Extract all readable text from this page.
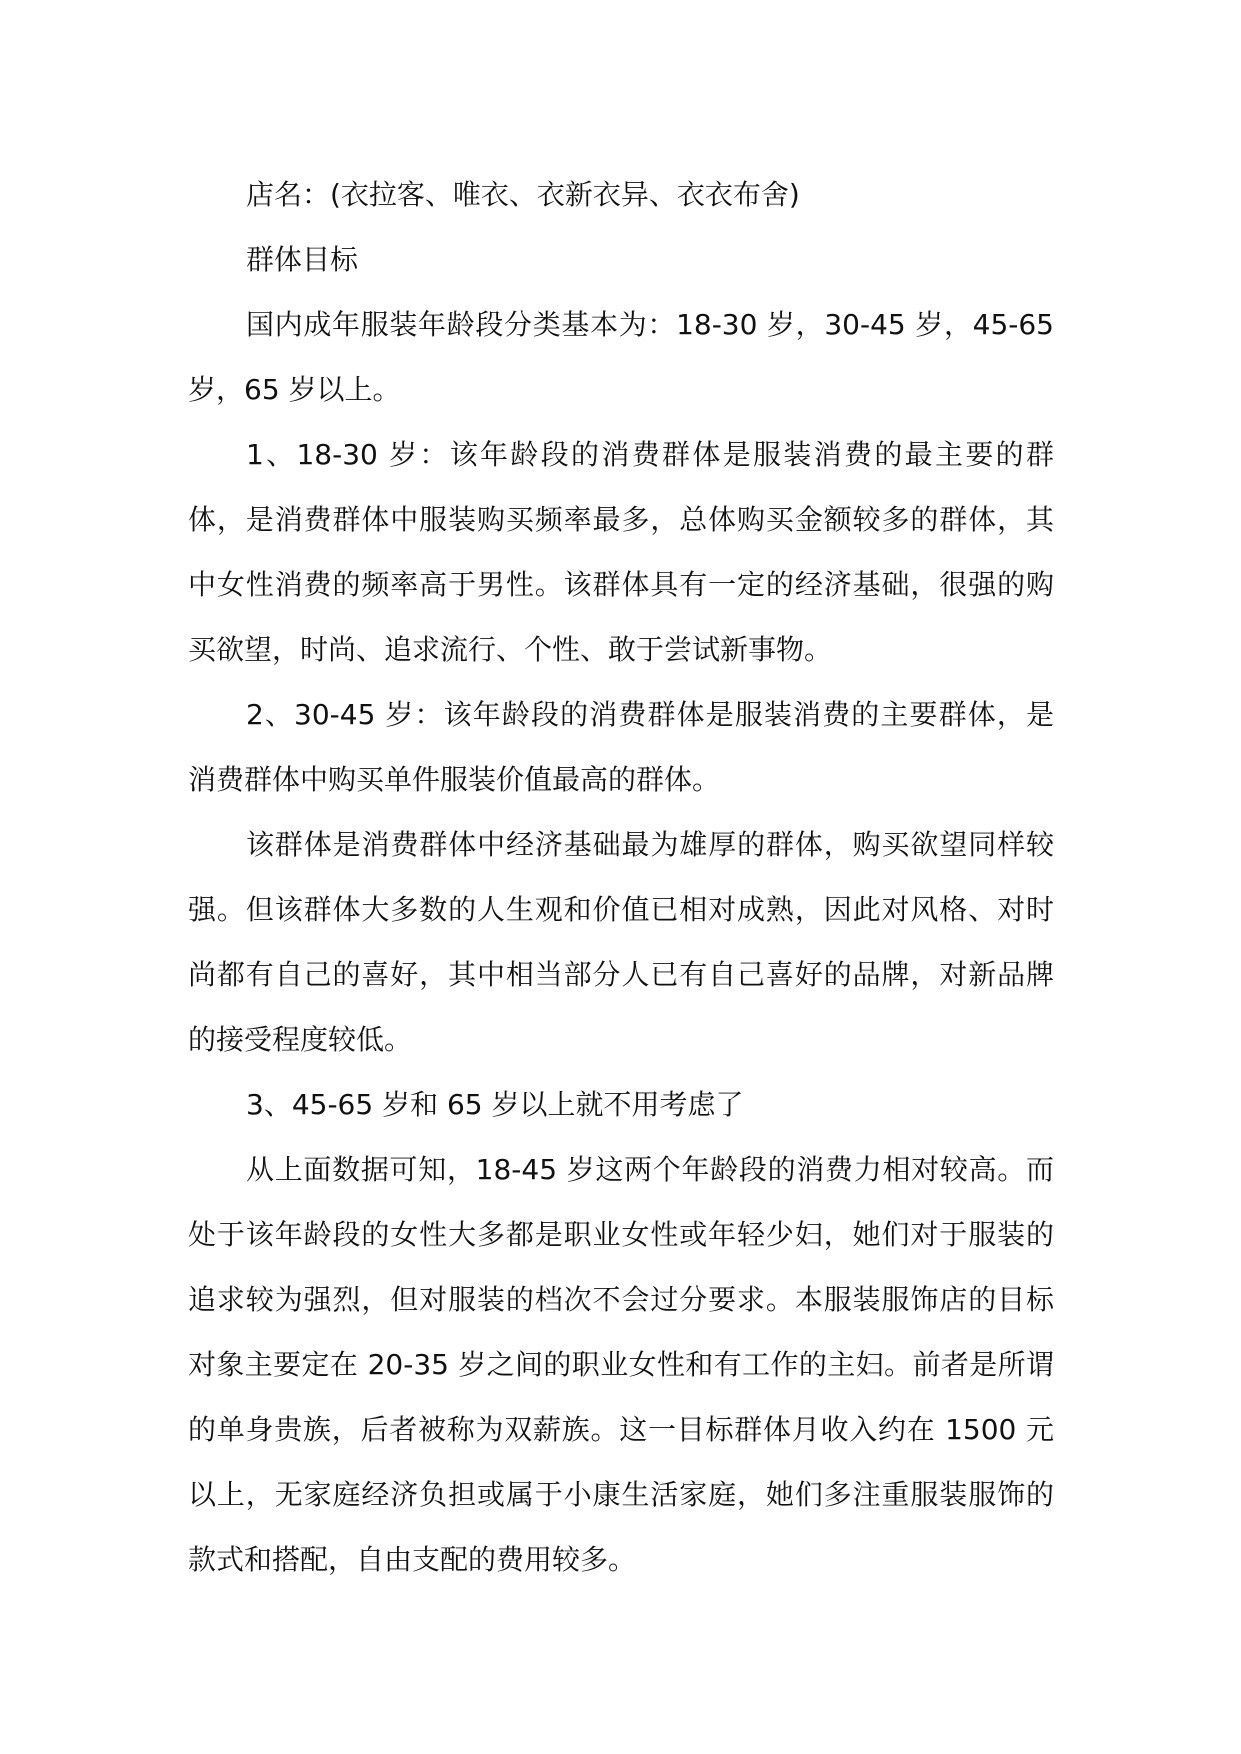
店名：(衣拉客、唯衣、衣新衣异、衣衣布舍)

群体目标

国内成年服装年龄段分类基本为：18-30 岁，30-45 岁，45-65 岁，65 岁以上。

1、18-30 岁：该年龄段的消费群体是服装消费的最主要的群体，是消费群体中服装购买频率最多，总体购买金额较多的群体，其中女性消费的频率高于男性。该群体具有一定的经济基础，很强的购买欲望，时尚、追求流行、个性、敢于尝试新事物。

2、30-45 岁：该年龄段的消费群体是服装消费的主要群体，是消费群体中购买单件服装价值最高的群体。

该群体是消费群体中经济基础最为雄厚的群体，购买欲望同样较强。但该群体大多数的人生观和价值已相对成熟，因此对风格、对时尚都有自己的喜好，其中相当部分人已有自己喜好的品牌，对新品牌的接受程度较低。

3、45-65 岁和 65 岁以上就不用考虑了

从上面数据可知，18-45 岁这两个年龄段的消费力相对较高。而处于该年龄段的女性大多都是职业女性或年轻少妇，她们对于服装的追求较为强烈，但对服装的档次不会过分要求。本服装服饰店的目标对象主要定在 20-35 岁之间的职业女性和有工作的主妇。前者是所谓的单身贵族，后者被称为双薪族。这一目标群体月收入约在 1500 元以上，无家庭经济负担或属于小康生活家庭，她们多注重服装服饰的款式和搭配，自由支配的费用较多。
